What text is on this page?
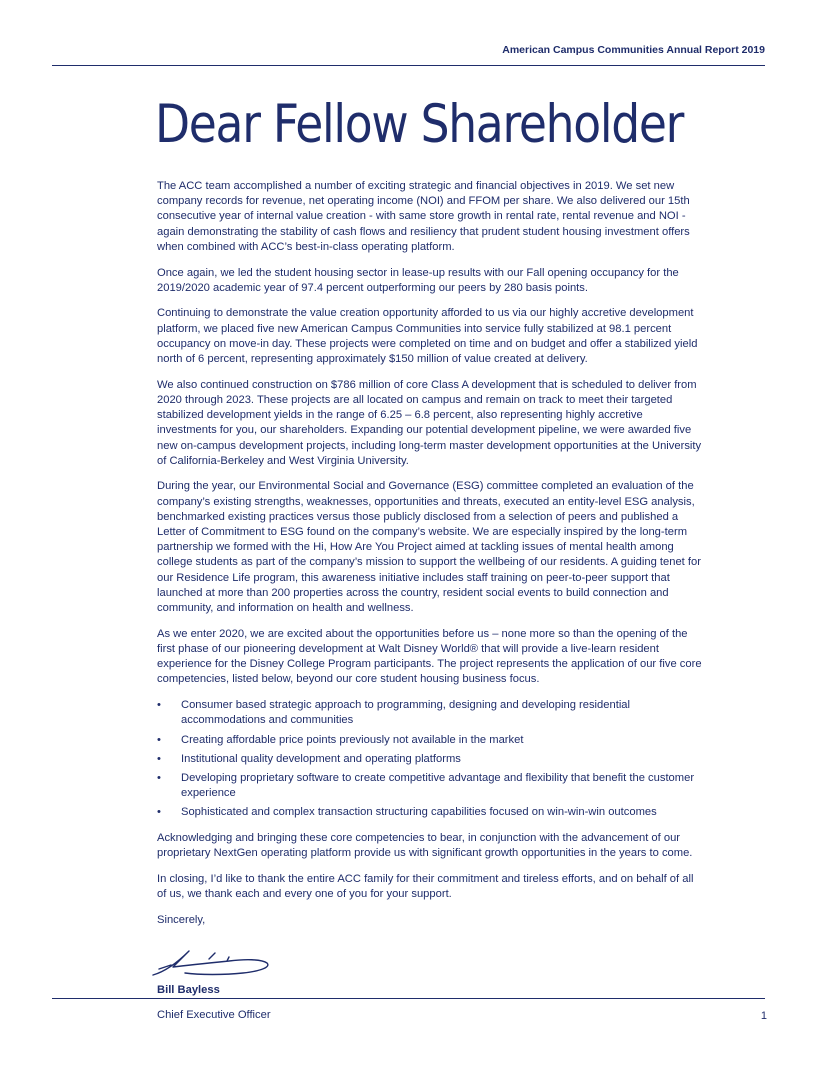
American Campus Communities Annual Report 2019
Dear Fellow Shareholder

The ACC team accomplished a number of exciting strategic and financial objectives in 2019. We set new company records for revenue, net operating income (NOI) and FFOM per share. We also delivered our 15th consecutive year of internal value creation - with same store growth in rental rate, rental revenue and NOI - again demonstrating the stability of cash flows and resiliency that prudent student housing investment offers when combined with ACC’s best-in-class operating platform.

Once again, we led the student housing sector in lease-up results with our Fall opening occupancy for the 2019/2020 academic year of 97.4 percent outperforming our peers by 280 basis points.

Continuing to demonstrate the value creation opportunity afforded to us via our highly accretive development platform, we placed five new American Campus Communities into service fully stabilized at 98.1 percent occupancy on move-in day. These projects were completed on time and on budget and offer a stabilized yield north of 6 percent, representing approximately $150 million of value created at delivery.

We also continued construction on $786 million of core Class A development that is scheduled to deliver from 2020 through 2023. These projects are all located on campus and remain on track to meet their targeted stabilized development yields in the range of 6.25 – 6.8 percent, also representing highly accretive investments for you, our shareholders. Expanding our potential development pipeline, we were awarded five new on-campus development projects, including long-term master development opportunities at the University of California-Berkeley and West Virginia University.

During the year, our Environmental Social and Governance (ESG) committee completed an evaluation of the company’s existing strengths, weaknesses, opportunities and threats, executed an entity-level ESG analysis, benchmarked existing practices versus those publicly disclosed from a selection of peers and published a Letter of Commitment to ESG found on the company’s website. We are especially inspired by the long-term partnership we formed with the Hi, How Are You Project aimed at tackling issues of mental health among college students as part of the company’s mission to support the wellbeing of our residents. A guiding tenet for our Residence Life program, this awareness initiative includes staff training on peer-to-peer support that launched at more than 200 properties across the country, resident social events to build connection and community, and information on health and wellness.

As we enter 2020, we are excited about the opportunities before us – none more so than the opening of the first phase of our pioneering development at Walt Disney World® that will provide a live-learn resident experience for the Disney College Program participants. The project represents the application of our five core competencies, listed below, beyond our core student housing business focus.

• Consumer based strategic approach to programming, designing and developing residential accommodations and communities
• Creating affordable price points previously not available in the market
• Institutional quality development and operating platforms
• Developing proprietary software to create competitive advantage and flexibility that benefit the customer experience
• Sophisticated and complex transaction structuring capabilities focused on win-win-win outcomes

Acknowledging and bringing these core competencies to bear, in conjunction with the advancement of our proprietary NextGen operating platform provide us with significant growth opportunities in the years to come.

In closing, I’d like to thank the entire ACC family for their commitment and tireless efforts, and on behalf of all of us, we thank each and every one of you for your support.

Sincerely,

Bill Bayless

Chief Executive Officer	1
